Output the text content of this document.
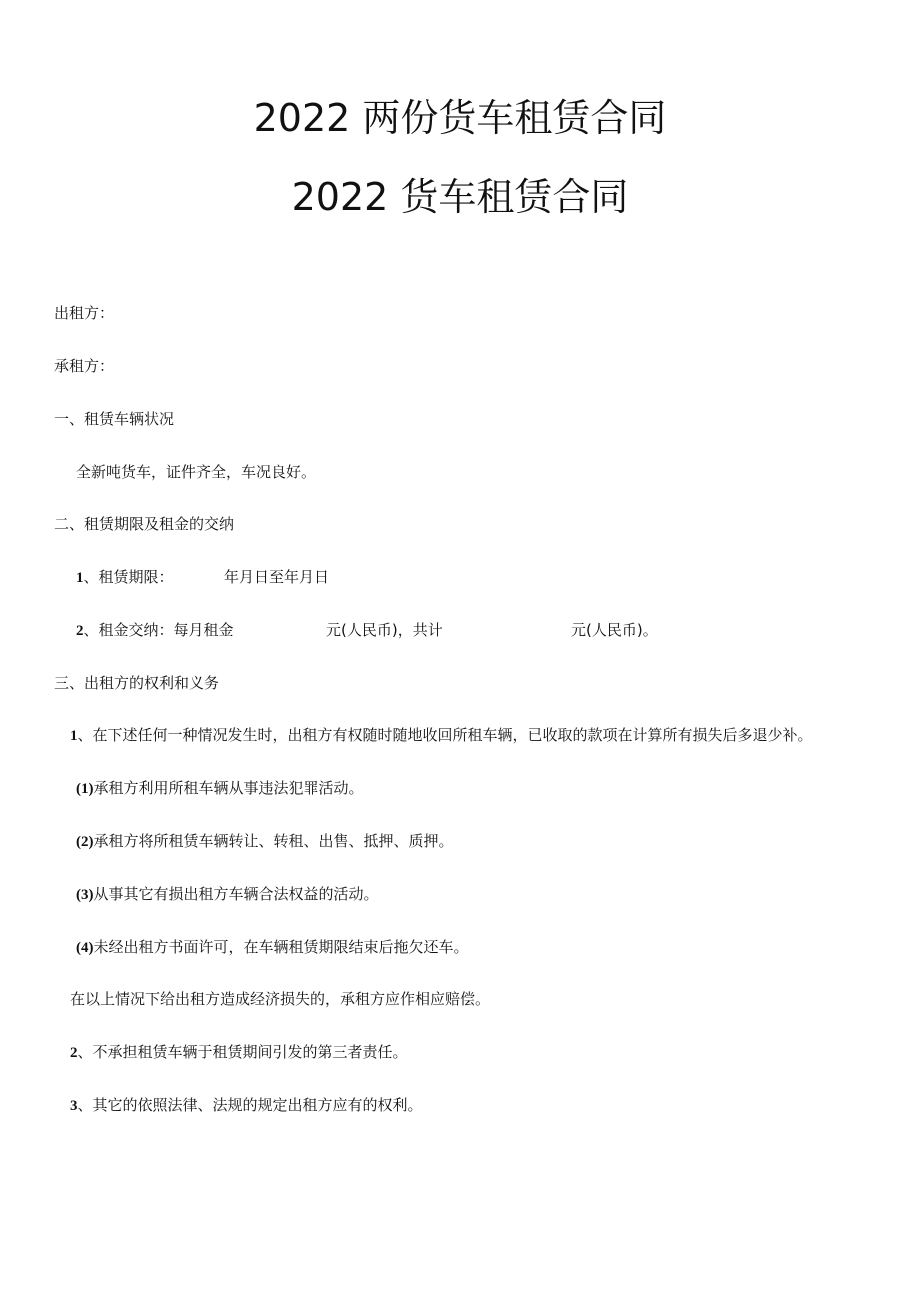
2022 两份货车租赁合同
2022 货车租赁合同
出租方：
承租方：
一、租赁车辆状况
全新吨货车，证件齐全，车况良好。
二、租赁期限及租金的交纳
1、租赁期限：	年月日至年月日
2、租金交纳：每月租金	元(人民币)，共计	元(人民币)。
三、出租方的权利和义务
1、在下述任何一种情况发生时，出租方有权随时随地收回所租车辆，已收取的款项在计算所有损失后多退少补。
(1)承租方利用所租车辆从事违法犯罪活动。
(2)承租方将所租赁车辆转让、转租、出售、抵押、质押。
(3)从事其它有损出租方车辆合法权益的活动。
(4)未经出租方书面许可，在车辆租赁期限结束后拖欠还车。
在以上情况下给出租方造成经济损失的，承租方应作相应赔偿。
2、不承担租赁车辆于租赁期间引发的第三者责任。
3、其它的依照法律、法规的规定出租方应有的权利。
